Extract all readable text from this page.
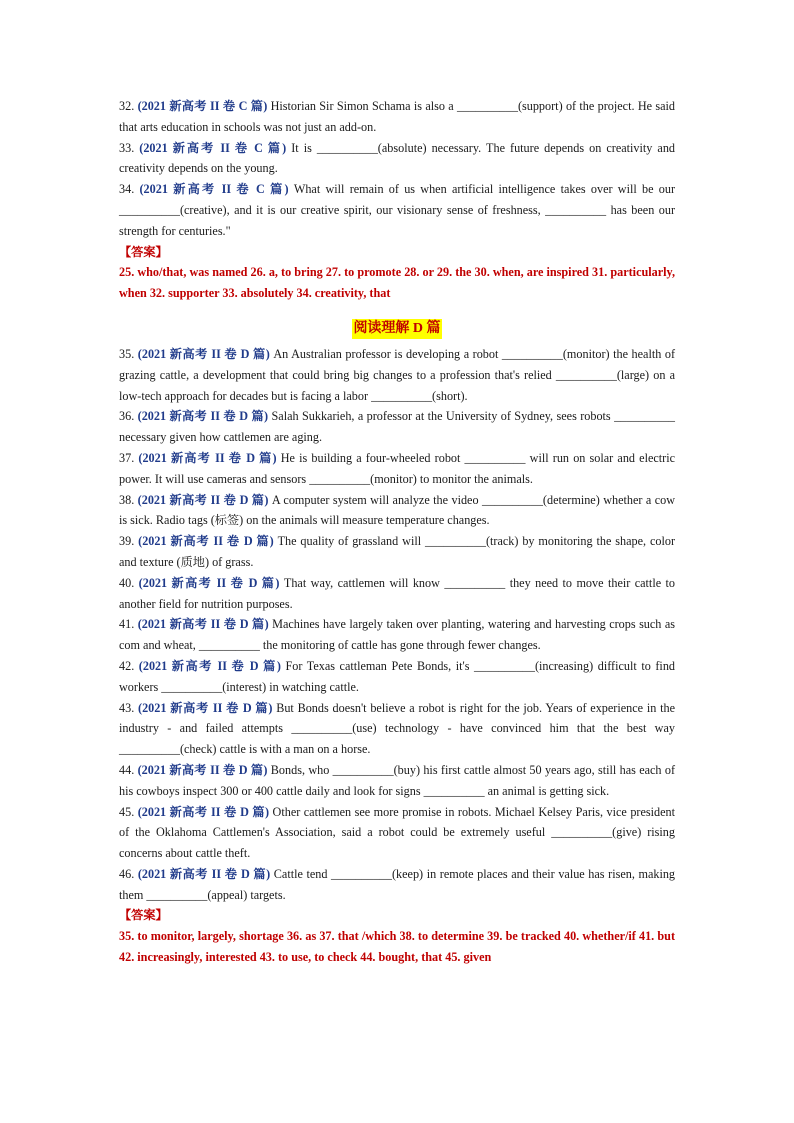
32. (2021 新高考 II 卷 C 篇) Historian Sir Simon Schama is also a __________(support) of the project. He said that arts education in schools was not just an add-on.

33. (2021 新高考 II 卷 C 篇) It is __________(absolute) necessary. The future depends on creativity and creativity depends on the young.

34. (2021 新高考 II 卷 C 篇) What will remain of us when artificial intelligence takes over will be our __________(creative), and it is our creative spirit, our visionary sense of freshness, __________ has been our strength for centuries."

【答案】

25. who/that, was named 26. a, to bring 27. to promote 28. or 29. the 30. when, are inspired 31. particularly, when 32. supporter 33. absolutely 34. creativity, that

阅读理解 D 篇

35. (2021 新高考 II 卷 D 篇) An Australian professor is developing a robot __________(monitor) the health of grazing cattle, a development that could bring big changes to a profession that's relied __________(large) on a low-tech approach for decades but is facing a labor __________(short).

36. (2021 新高考 II 卷 D 篇) Salah Sukkarieh, a professor at the University of Sydney, sees robots __________ necessary given how cattlemen are aging.

37. (2021 新高考 II 卷 D 篇) He is building a four-wheeled robot __________ will run on solar and electric power. It will use cameras and sensors __________(monitor) to monitor the animals.

38. (2021 新高考 II 卷 D 篇) A computer system will analyze the video __________(determine) whether a cow is sick. Radio tags (标签) on the animals will measure temperature changes.

39. (2021 新高考 II 卷 D 篇) The quality of grassland will __________(track) by monitoring the shape, color and texture (质地) of grass.

40. (2021 新高考 II 卷 D 篇) That way, cattlemen will know __________ they need to move their cattle to another field for nutrition purposes.

41. (2021 新高考 II 卷 D 篇) Machines have largely taken over planting, watering and harvesting crops such as com and wheat, __________ the monitoring of cattle has gone through fewer changes.

42. (2021 新高考 II 卷 D 篇) For Texas cattleman Pete Bonds, it's __________(increasing) difficult to find workers __________(interest) in watching cattle.

43. (2021 新高考 II 卷 D 篇) But Bonds doesn't believe a robot is right for the job. Years of experience in the industry - and failed attempts __________(use) technology - have convinced him that the best way __________(check) cattle is with a man on a horse.

44. (2021 新高考 II 卷 D 篇) Bonds, who __________(buy) his first cattle almost 50 years ago, still has each of his cowboys inspect 300 or 400 cattle daily and look for signs __________ an animal is getting sick.

45. (2021 新高考 II 卷 D 篇) Other cattlemen see more promise in robots. Michael Kelsey Paris, vice president of the Oklahoma Cattlemen's Association, said a robot could be extremely useful __________(give) rising concerns about cattle theft.

46. (2021 新高考 II 卷 D 篇) Cattle tend __________(keep) in remote places and their value has risen, making them __________(appeal) targets.

【答案】

35. to monitor, largely, shortage 36. as 37. that /which 38. to determine 39. be tracked 40. whether/if 41. but 42. increasingly, interested 43. to use, to check 44. bought, that 45. given
